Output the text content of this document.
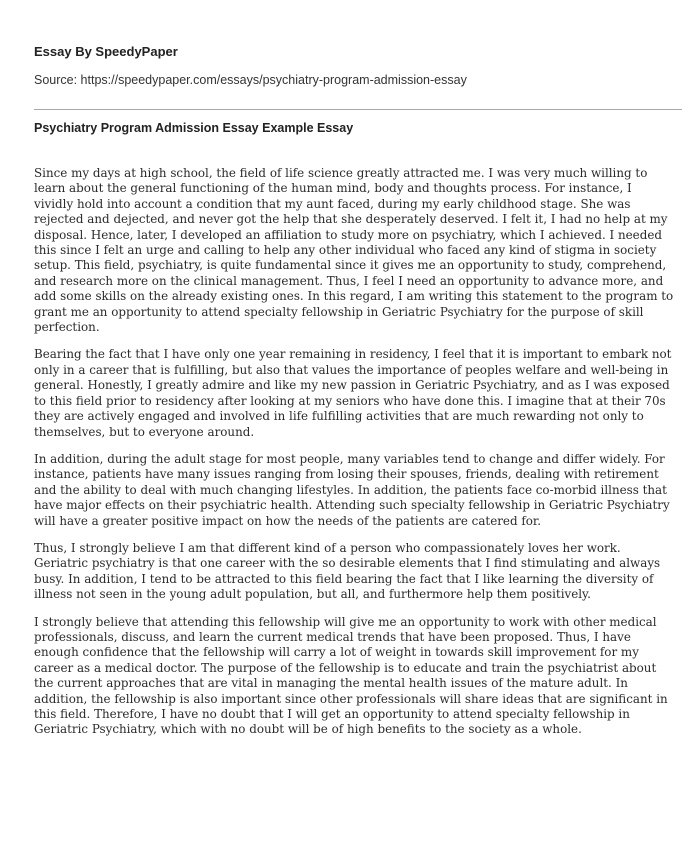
Essay By SpeedyPaper
Source: https://speedypaper.com/essays/psychiatry-program-admission-essay
Psychiatry Program Admission Essay Example Essay

Since my days at high school, the field of life science greatly attracted me. I was very much willing to learn about the general functioning of the human mind, body and thoughts process. For instance, I vividly hold into account a condition that my aunt faced, during my early childhood stage. She was rejected and dejected, and never got the help that she desperately deserved. I felt it, I had no help at my disposal. Hence, later, I developed an affiliation to study more on psychiatry, which I achieved. I needed this since I felt an urge and calling to help any other individual who faced any kind of stigma in society setup. This field, psychiatry, is quite fundamental since it gives me an opportunity to study, comprehend, and research more on the clinical management. Thus, I feel I need an opportunity to advance more, and add some skills on the already existing ones. In this regard, I am writing this statement to the program to grant me an opportunity to attend specialty fellowship in Geriatric Psychiatry for the purpose of skill perfection.

Bearing the fact that I have only one year remaining in residency, I feel that it is important to embark not only in a career that is fulfilling, but also that values the importance of peoples welfare and well-being in general. Honestly, I greatly admire and like my new passion in Geriatric Psychiatry, and as I was exposed to this field prior to residency after looking at my seniors who have done this. I imagine that at their 70s they are actively engaged and involved in life fulfilling activities that are much rewarding not only to themselves, but to everyone around.

In addition, during the adult stage for most people, many variables tend to change and differ widely. For instance, patients have many issues ranging from losing their spouses, friends, dealing with retirement and the ability to deal with much changing lifestyles. In addition, the patients face co-morbid illness that have major effects on their psychiatric health. Attending such specialty fellowship in Geriatric Psychiatry will have a greater positive impact on how the needs of the patients are catered for.

Thus, I strongly believe I am that different kind of a person who compassionately loves her work. Geriatric psychiatry is that one career with the so desirable elements that I find stimulating and always busy. In addition, I tend to be attracted to this field bearing the fact that I like learning the diversity of illness not seen in the young adult population, but all, and furthermore help them positively.

I strongly believe that attending this fellowship will give me an opportunity to work with other medical professionals, discuss, and learn the current medical trends that have been proposed. Thus, I have enough confidence that the fellowship will carry a lot of weight in towards skill improvement for my career as a medical doctor. The purpose of the fellowship is to educate and train the psychiatrist about the current approaches that are vital in managing the mental health issues of the mature adult. In addition, the fellowship is also important since other professionals will share ideas that are significant in this field. Therefore, I have no doubt that I will get an opportunity to attend specialty fellowship in Geriatric Psychiatry, which with no doubt will be of high benefits to the society as a whole.
